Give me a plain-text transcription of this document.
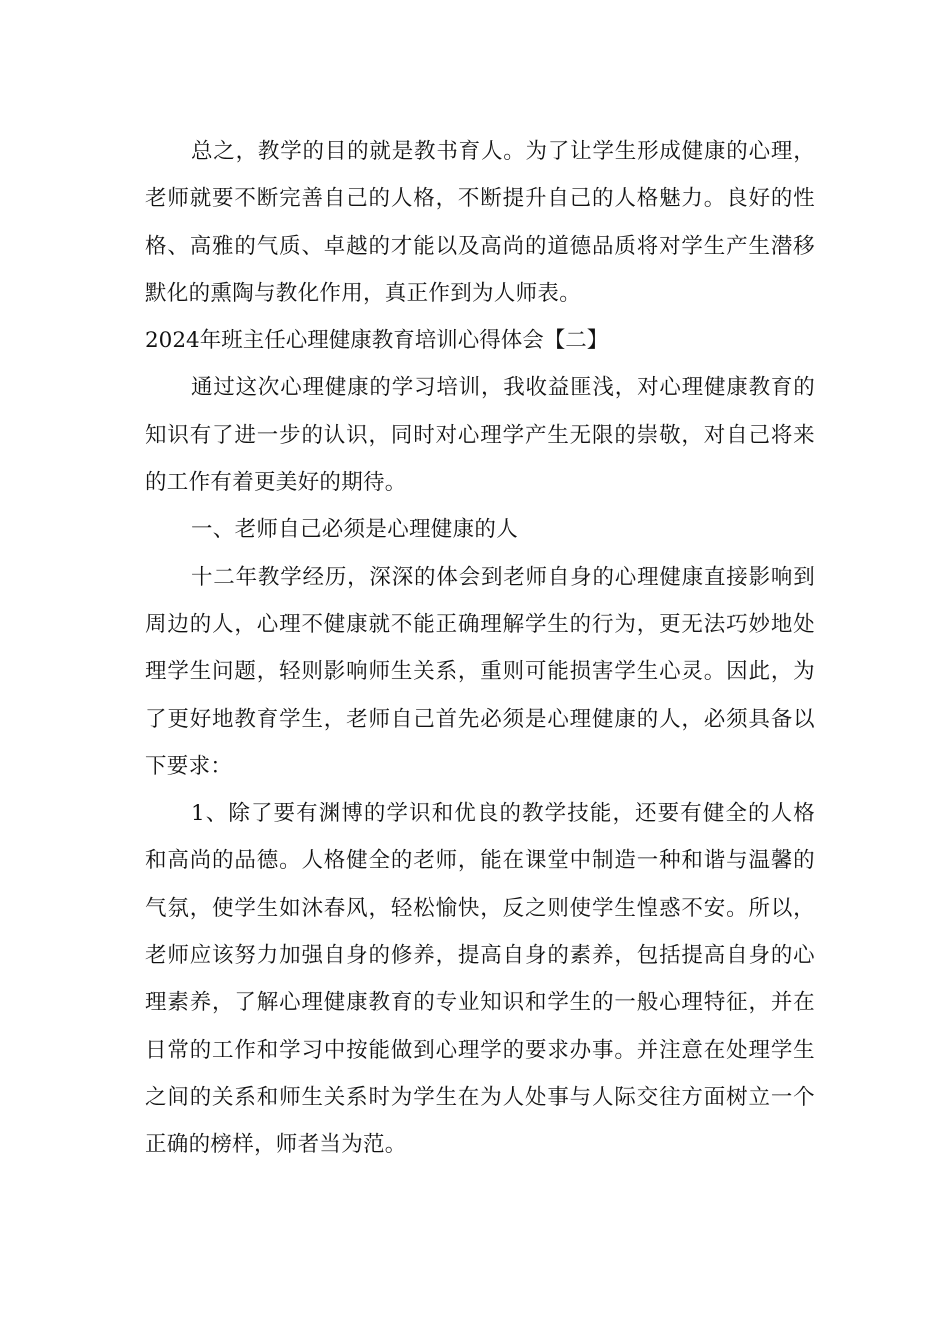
总之，教学的目的就是教书育人。为了让学生形成健康的心理，老师就要不断完善自己的人格，不断提升自己的人格魅力。良好的性格、高雅的气质、卓越的才能以及高尚的道德品质将对学生产生潜移默化的熏陶与教化作用，真正作到为人师表。

2024年班主任心理健康教育培训心得体会【二】

通过这次心理健康的学习培训，我收益匪浅，对心理健康教育的知识有了进一步的认识，同时对心理学产生无限的崇敬，对自己将来的工作有着更美好的期待。

一、老师自己必须是心理健康的人

十二年教学经历，深深的体会到老师自身的心理健康直接影响到周边的人，心理不健康就不能正确理解学生的行为，更无法巧妙地处理学生问题，轻则影响师生关系，重则可能损害学生心灵。因此，为了更好地教育学生，老师自己首先必须是心理健康的人，必须具备以下要求：

1、除了要有渊博的学识和优良的教学技能，还要有健全的人格和高尚的品德。人格健全的老师，能在课堂中制造一种和谐与温馨的气氛，使学生如沐春风，轻松愉快，反之则使学生惶惑不安。所以，老师应该努力加强自身的修养，提高自身的素养，包括提高自身的心理素养，了解心理健康教育的专业知识和学生的一般心理特征，并在日常的工作和学习中按能做到心理学的要求办事。并注意在处理学生之间的关系和师生关系时为学生在为人处事与人际交往方面树立一个正确的榜样，师者当为范。
